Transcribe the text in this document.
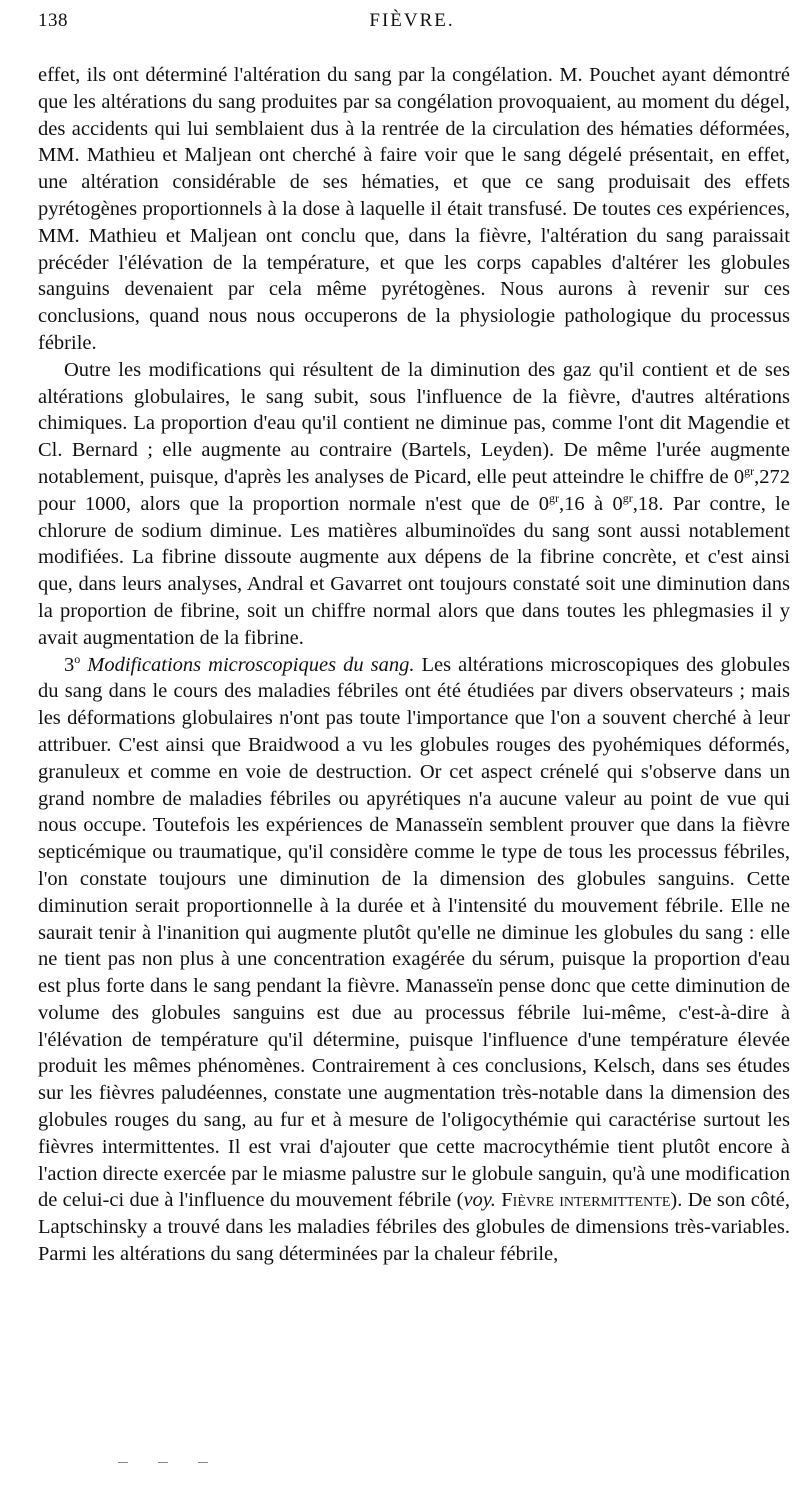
138	FIÈVRE.

effet, ils ont déterminé l'altération du sang par la congélation. M. Pouchet ayant démontré que les altérations du sang produites par sa congélation provoquaient, au moment du dégel, des accidents qui lui semblaient dus à la rentrée de la circulation des hématies déformées, MM. Mathieu et Maljean ont cherché à faire voir que le sang dégelé présentait, en effet, une altération considérable de ses hématies, et que ce sang produisait des effets pyrétogènes proportionnels à la dose à laquelle il était transfusé. De toutes ces expériences, MM. Mathieu et Maljean ont conclu que, dans la fièvre, l'altération du sang paraissait précéder l'élévation de la température, et que les corps capables d'altérer les globules sanguins devenaient par cela même pyrétogènes. Nous aurons à revenir sur ces conclusions, quand nous nous occuperons de la physiologie pathologique du processus fébrile.

Outre les modifications qui résultent de la diminution des gaz qu'il contient et de ses altérations globulaires, le sang subit, sous l'influence de la fièvre, d'autres altérations chimiques. La proportion d'eau qu'il contient ne diminue pas, comme l'ont dit Magendie et Cl. Bernard ; elle augmente au contraire (Bartels, Leyden). De même l'urée augmente notablement, puisque, d'après les analyses de Picard, elle peut atteindre le chiffre de $0^{gr},272$ pour 1000, alors que la proportion normale n'est que de $0^{gr},16$ à $0^{gr},18$. Par contre, le chlorure de sodium diminue. Les matières albuminoïdes du sang sont aussi notablement modifiées. La fibrine dissoute augmente aux dépens de la fibrine concrète, et c'est ainsi que, dans leurs analyses, Andral et Gavarret ont toujours constaté soit une diminution dans la proportion de fibrine, soit un chiffre normal alors que dans toutes les phlegmasies il y avait augmentation de la fibrine.

3$^o$ Modifications microscopiques du sang. Les altérations microscopiques des globules du sang dans le cours des maladies fébriles ont été étudiées par divers observateurs ; mais les déformations globulaires n'ont pas toute l'importance que l'on a souvent cherché à leur attribuer. C'est ainsi que Braidwood a vu les globules rouges des pyohémiques déformés, granuleux et comme en voie de destruction. Or cet aspect crénelé qui s'observe dans un grand nombre de maladies fébriles ou apyrétiques n'a aucune valeur au point de vue qui nous occupe. Toutefois les expériences de Manasseïn semblent prouver que dans la fièvre septicémique ou traumatique, qu'il considère comme le type de tous les processus fébriles, l'on constate toujours une diminution de la dimension des globules sanguins. Cette diminution serait proportionnelle à la durée et à l'intensité du mouvement fébrile. Elle ne saurait tenir à l'inanition qui augmente plutôt qu'elle ne diminue les globules du sang : elle ne tient pas non plus à une concentration exagérée du sérum, puisque la proportion d'eau est plus forte dans le sang pendant la fièvre. Manasseïn pense donc que cette diminution de volume des globules sanguins est due au processus fébrile lui-même, c'est-à-dire à l'élévation de température qu'il détermine, puisque l'influence d'une température élevée produit les mêmes phénomènes. Contrairement à ces conclusions, Kelsch, dans ses études sur les fièvres paludéennes, constate une augmentation très-notable dans la dimension des globules rouges du sang, au fur et à mesure de l'oligocythémie qui caractérise surtout les fièvres intermittentes. Il est vrai d'ajouter que cette macrocythémie tient plutôt encore à l'action directe exercée par le miasme palustre sur le globule sanguin, qu'à une modification de celui-ci due à l'influence du mouvement fébrile (voy. Fièvre intermittente). De son côté, Laptschinsky a trouvé dans les maladies fébriles des globules de dimensions très-variables. Parmi les altérations du sang déterminées par la chaleur fébrile,
